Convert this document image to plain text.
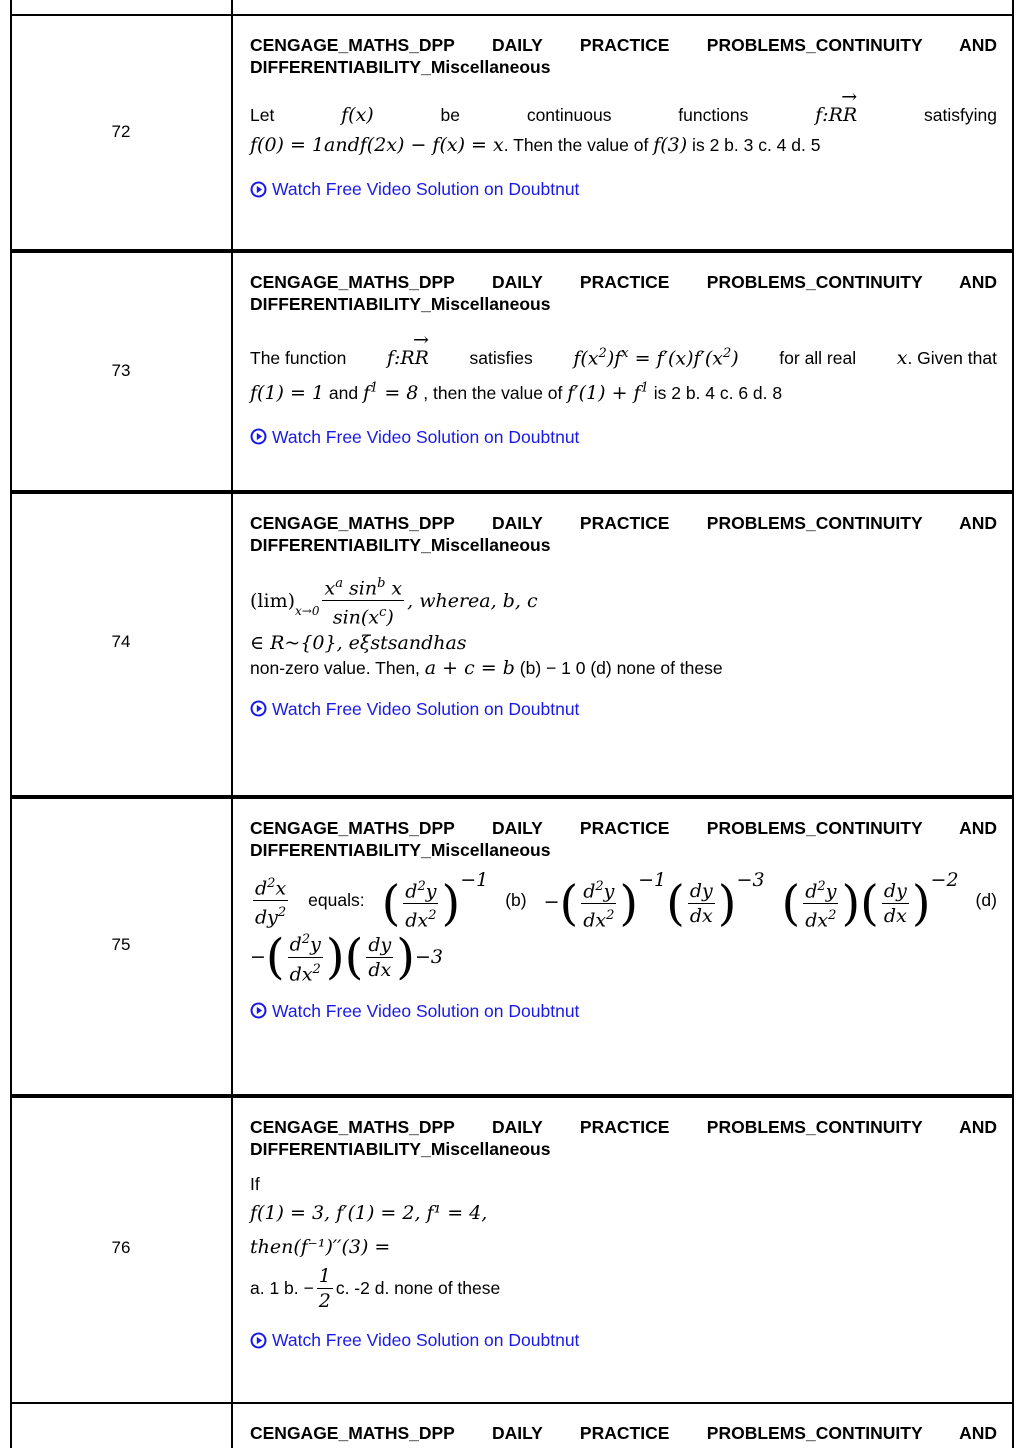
72
CENGAGE_MATHS_DPP DAILY PRACTICE PROBLEMS_CONTINUITY AND
DIFFERENTIABILITY_Miscellaneous
Let	f(x)	be	continuous	functions	f:RR
→
satisfying
f(0) = 1andf(2x) − f(x) = x. Then the value of f(3) is 2 b. 3 c. 4 d. 5
Watch Free Video Solution on Doubtnut
73
CENGAGE_MATHS_DPP DAILY PRACTICE PROBLEMS_CONTINUITY AND
DIFFERENTIABILITY_Miscellaneous
The function f:RR
→
satisfies $f(x^2)f^x = f'(x)f'(x^2)$ for all real x. Given that
f(1) = 1 and $f^1 = 8$ , then the value of $f'(1) + f^1$ is 2 b. 4 c. 6 d. 8
Watch Free Video Solution on Doubtnut
74
CENGAGE_MATHS_DPP DAILY PRACTICE PROBLEMS_CONTINUITY AND
DIFFERENTIABILITY_Miscellaneous
(lim) $x\to 0 \frac{x^a \sin^b x}{\sin(x^c)}$ , wherea, b, c
∈ R~{0}, eξstsandhas
non-zero value. Then, a + c = b (b) − 1 0 (d) none of these
Watch Free Video Solution on Doubtnut
75
CENGAGE_MATHS_DPP DAILY PRACTICE PROBLEMS_CONTINUITY AND
DIFFERENTIABILITY_Miscellaneous
$\frac{d^2x}{dy^2}$ equals: ( $\frac{d^2y}{dx^2} )^{-1}$
(b) −( $\frac{d^2y}{dx^2} )^{-1}( \frac{dy}{dx} )^{-3}$ ( $\frac{d^2y}{dx^2}$ )( $\frac{dy}{dx} )^{-2}$
(d)
− ( $\frac{d^2y}{dx^2}$ ) ( $\frac{dy}{dx}$ ) −3
Watch Free Video Solution on Doubtnut
76
CENGAGE_MATHS_DPP DAILY PRACTICE PROBLEMS_CONTINUITY AND
DIFFERENTIABILITY_Miscellaneous
If
f(1) = 3, f′(1) = 2, f¹ = 4,
then(f⁻¹)′′(3) =
a. 1 b. − $\frac{1}{2} c$. -2 d. none of these
Watch Free Video Solution on Doubtnut
CENGAGE_MATHS_DPP DAILY PRACTICE PROBLEMS_CONTINUITY AND
